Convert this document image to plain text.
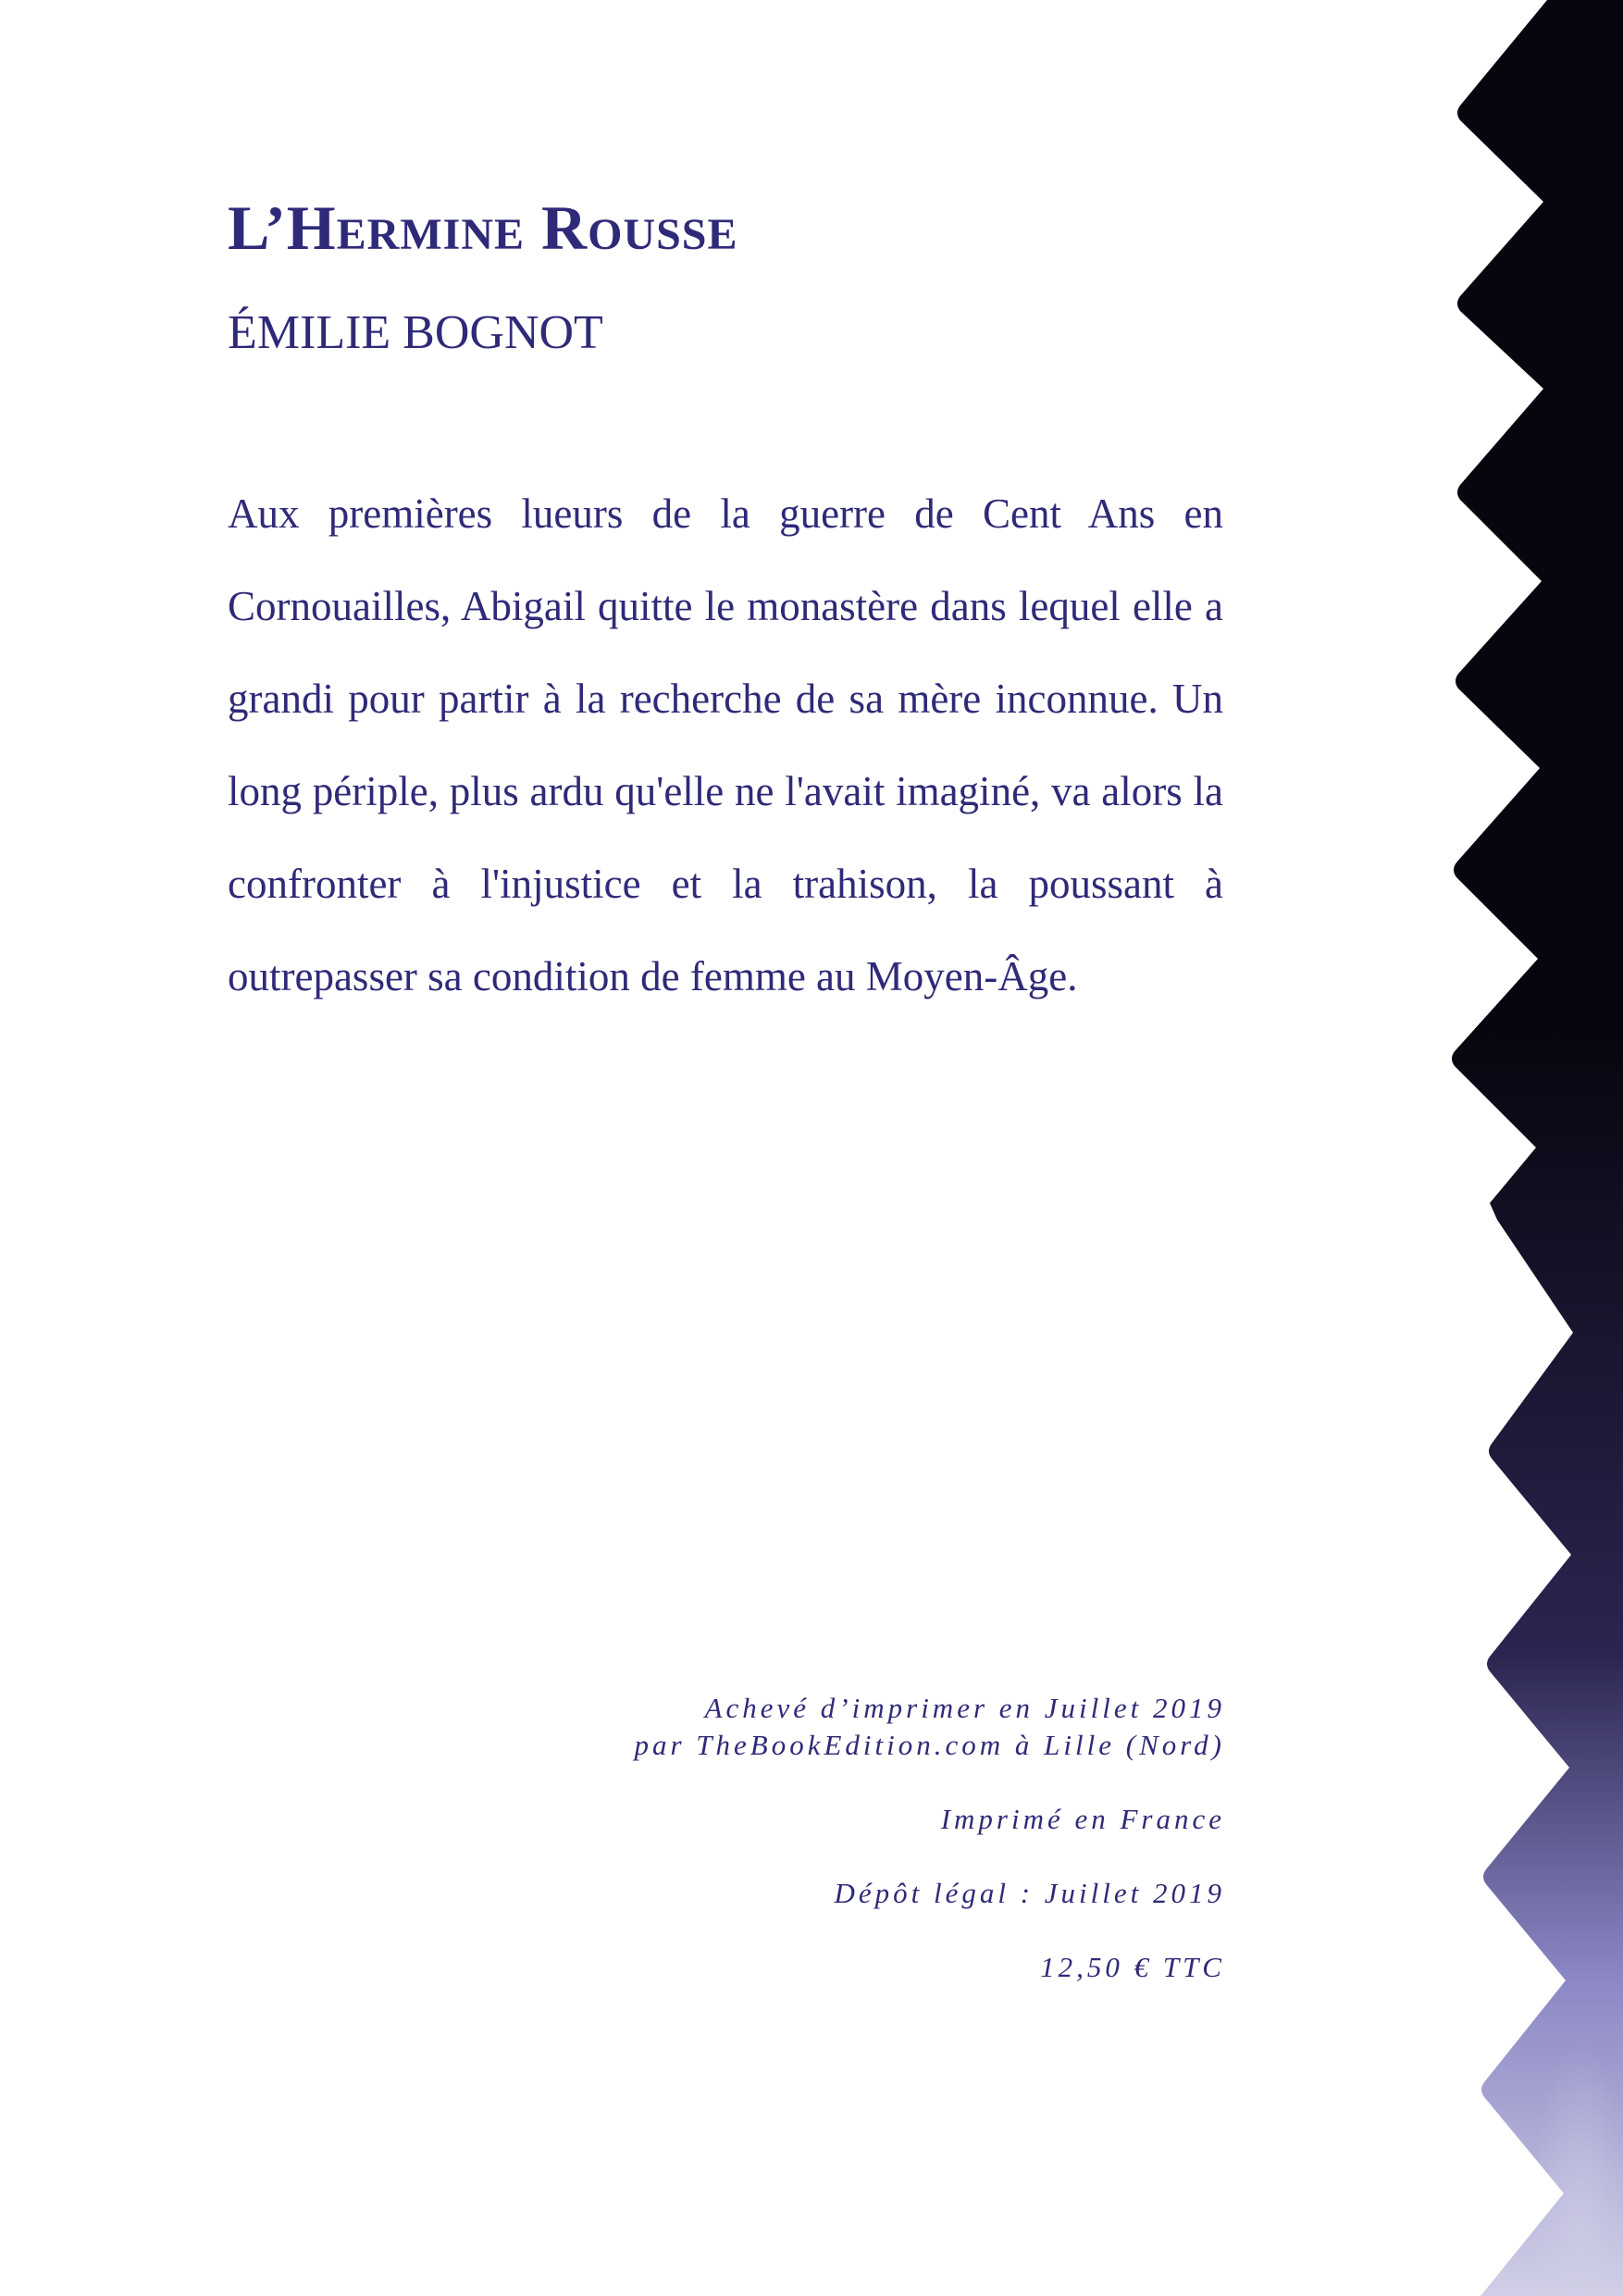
L’Hermine Rousse
ÉMILIE BOGNOT

Aux premières lueurs de la guerre de Cent Ans en Cornouailles, Abigail quitte le monastère dans lequel elle a grandi pour partir à la recherche de sa mère inconnue. Un long périple, plus ardu qu'elle ne l'avait imaginé, va alors la confronter à l'injustice et la trahison, la poussant à outrepasser sa condition de femme au Moyen-Âge.

Achevé d’imprimer en Juillet 2019
par TheBookEdition.com à Lille (Nord)

Imprimé en France

Dépôt légal : Juillet 2019

12,50 € TTC
